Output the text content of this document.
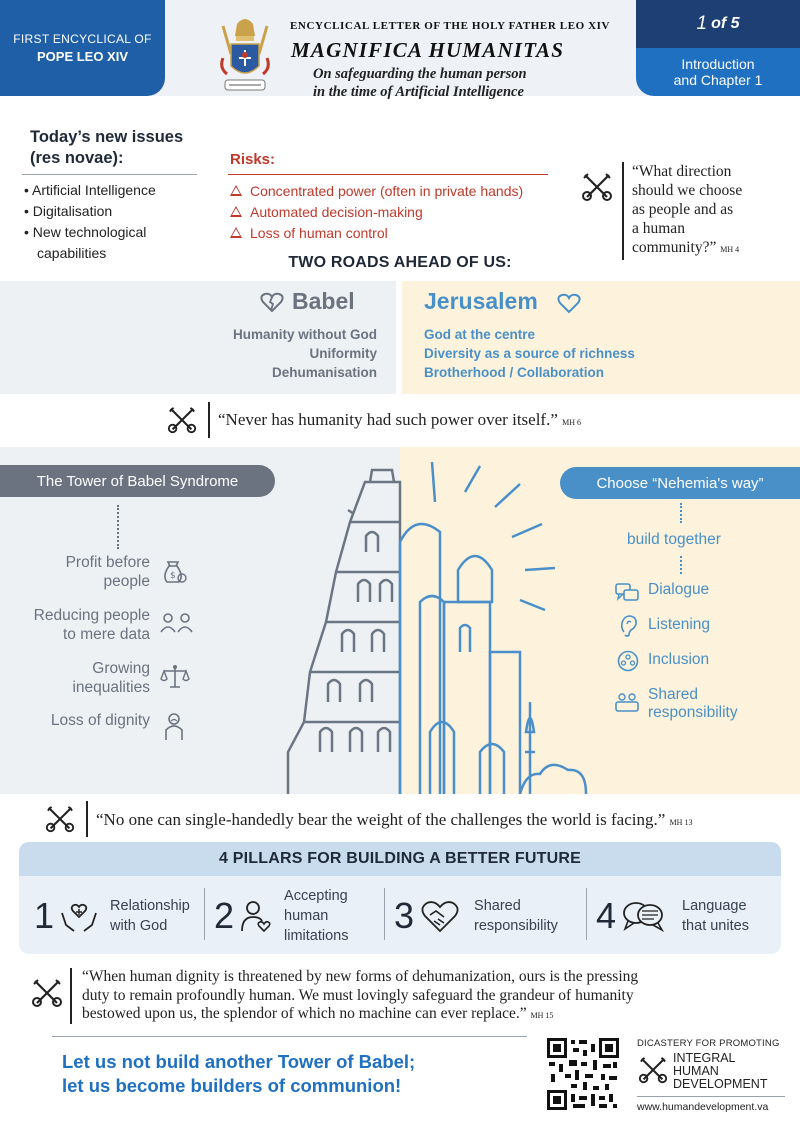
FIRST ENCYCLICAL OF
POPE LEO XIV
ENCYCLICAL LETTER OF THE HOLY FATHER LEO XIV
MAGNIFICA HUMANITAS
On safeguarding the human person
in the time of Artificial Intelligence
1 of 5
Introduction
and Chapter 1
Today’s new issues
(res novae):
• Artificial Intelligence
• Digitalisation
• New technological
capabilities
Risks:
Concentrated power (often in private hands)
Automated decision-making
Loss of human control
“What direction
should we choose
as people and as
a human
community?” MH 4
TWO ROADS AHEAD OF US:
Babel
Humanity without God
Uniformity
Dehumanisation
Jerusalem
God at the centre
Diversity as a source of richness
Brotherhood / Collaboration
“Never has humanity had such power over itself.” MH 6
The Tower of Babel Syndrome
Profit before
people $
Reducing people
to mere data
Growing
inequalities
Loss of dignity
Choose “Nehemia's way”
build together
Dialogue
Listening
Inclusion
Shared
responsibility
“No one can single-handedly bear the weight of the challenges the world is facing.” MH 13
4 PILLARS FOR BUILDING A BETTER FUTURE
1	Relationship
with God	2	Accepting
human
limitations 3	Shared
responsibility 4	Language
that unites
“When human dignity is threatened by new forms of dehumanization, ours is the pressing
duty to remain profoundly human. We must lovingly safeguard the grandeur of humanity
bestowed upon us, the splendor of which no machine can ever replace.” MH 15
Let us not build another Tower of Babel;
let us become builders of communion!
DICASTERY FOR PROMOTING
INTEGRAL
HUMAN
DEVELOPMENT
www.humandevelopment.va
